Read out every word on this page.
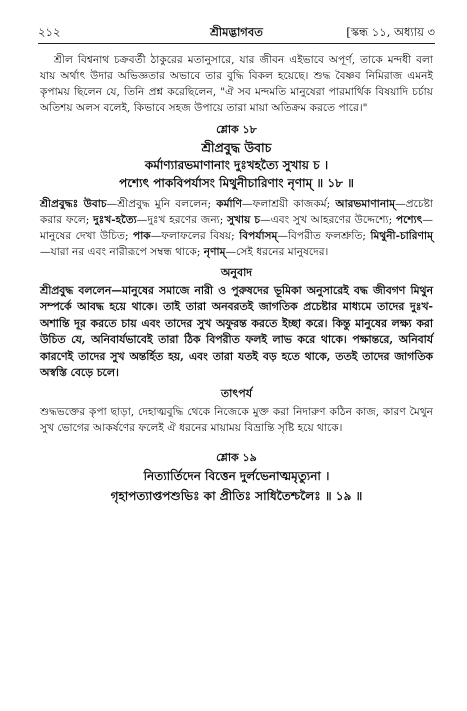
২১২	শ্রীমদ্ভাগবত	[স্কন্ধ ১১, অধ্যায় ৩

শ্রীল বিশ্বনাথ চক্রবর্তী ঠাকুরের মতানুসারে, যার জীবন এইভাবে অপূর্ণ, তাকে মন্দধী বলা যায় অর্থাৎ উদার অভিজ্ঞতার অভাবে তার বুদ্ধি বিকল হয়েছে। শুদ্ধ বৈষ্ণব নিমিরাজ এমনই কৃপাময় ছিলেন যে, তিনি প্রশ্ন করেছিলেন, "ঐ সব মন্দমতি মানুষেরা পারমার্থিক বিষয়াদি চর্চায় অতিশয় অলস বলেই, কিভাবে সহজ উপায়ে তারা মায়া অতিক্রম করতে পারে।"

শ্লোক ১৮
শ্রীপ্রবুদ্ধ উবাচ
কর্মাণ্যারভমাণানাং দুঃখহত্যৈ সুখায় চ ।
পশ্যেৎ পাকবিপর্যাসং মিথুনীচারিণাং নৃণাম্ ॥ ১৮ ॥

শ্রীপ্রবুদ্ধঃ উবাচ—শ্রীপ্রবুদ্ধ মুনি বললেন; কর্মাণি—ফলাশ্রয়ী কাজকর্ম; আরভমাণানাম্—প্রচেষ্টা করার ফলে; দুঃখ-হত্যৈ—দুঃখ হরণের জন্য; সুখায় চ—এবং সুখ আহরণের উদ্দেশ্যে; পশ্যেৎ—মানুষের দেখা উচিত; পাক—ফলাফলের বিষয়; বিপর্যাসম্—বিপরীত ফলশ্রুতি; মিথুনী-চারিণাম্—যারা নর এবং নারীরূপে সম্বন্ধ থাকে; নৃণাম্—সেই ধরনের মানুষদের।

অনুবাদ

শ্রীপ্রবুদ্ধ বললেন—মানুষের সমাজে নারী ও পুরুষদের ভূমিকা অনুসারেই বদ্ধ জীবগণ মিথুন সম্পর্কে আবদ্ধ হয়ে থাকে। তাই তারা অনবরতই জাগতিক প্রচেষ্টার মাধ্যমে তাদের দুঃখ-অশান্তি দূর করতে চায় এবং তাদের সুখ অফুরন্ত করতে ইচ্ছা করে। কিন্তু মানুষের লক্ষ্য করা উচিত যে, অনিবার্যভাবেই তারা ঠিক বিপরীত ফলই লাভ করে থাকে। পক্ষান্তরে, অনিবার্য কারণেই তাদের সুখ অন্তর্হিত হয়, এবং তারা যতই বড় হতে থাকে, ততই তাদের জাগতিক অস্বস্তি বেড়ে চলে।

তাৎপর্য

শুদ্ধভক্তের কৃপা ছাড়া, দেহাত্মবুদ্ধি থেকে নিজেকে মুক্ত করা নিদারুণ কঠিন কাজ, কারণ মৈথুন সুখ ভোগের আকর্ষণের ফলেই ঐ ধরনের মায়াময় বিভ্রান্তি সৃষ্টি হয়ে থাকে।

শ্লোক ১৯
নিত্যার্তিদেন বিত্তেন দুর্লভেনাত্মমৃত্যুনা ।
গৃহাপত্যাপ্তপশুভিঃ কা প্রীতিঃ সাধিতৈশ্চলৈঃ ॥ ১৯ ॥
